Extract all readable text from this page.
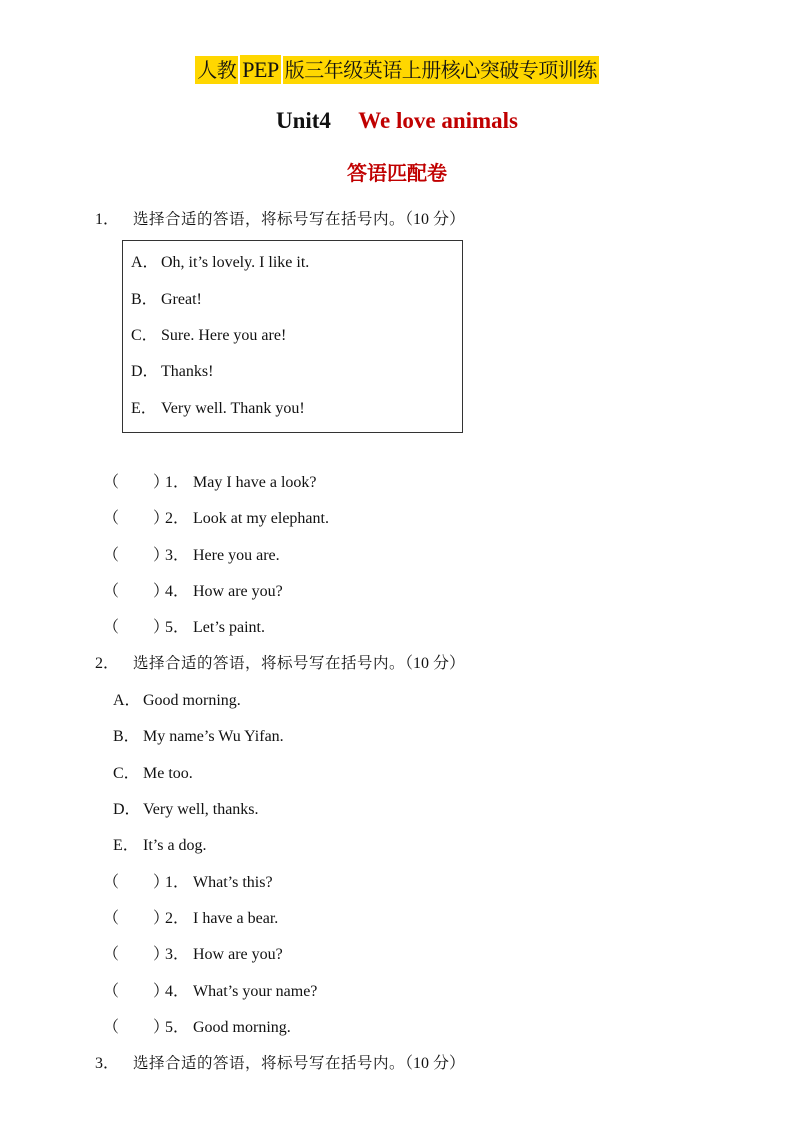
人教 PEP 版三年级英语上册核心突破专项训练
Unit4 We love animals
答语匹配卷
1． 选择合适的答语，将标号写在括号内。（10 分）
A． Oh, it’s lovely. I like it.
B． Great!
C． Sure. Here you are!
D． Thanks!
E． Very well. Thank you!
（ ）1． May I have a look?
（ ）2． Look at my elephant.
（ ）3． Here you are.
（ ）4． How are you?
（ ）5． Let’s paint.
2． 选择合适的答语，将标号写在括号内。（10 分）
A． Good morning.
B． My name’s Wu Yifan.
C． Me too.
D． Very well, thanks.
E． It’s a dog.
（ ）1． What’s this?
（ ）2． I have a bear.
（ ）3． How are you?
（ ）4． What’s your name?
（ ）5． Good morning.
3． 选择合适的答语，将标号写在括号内。（10 分）
